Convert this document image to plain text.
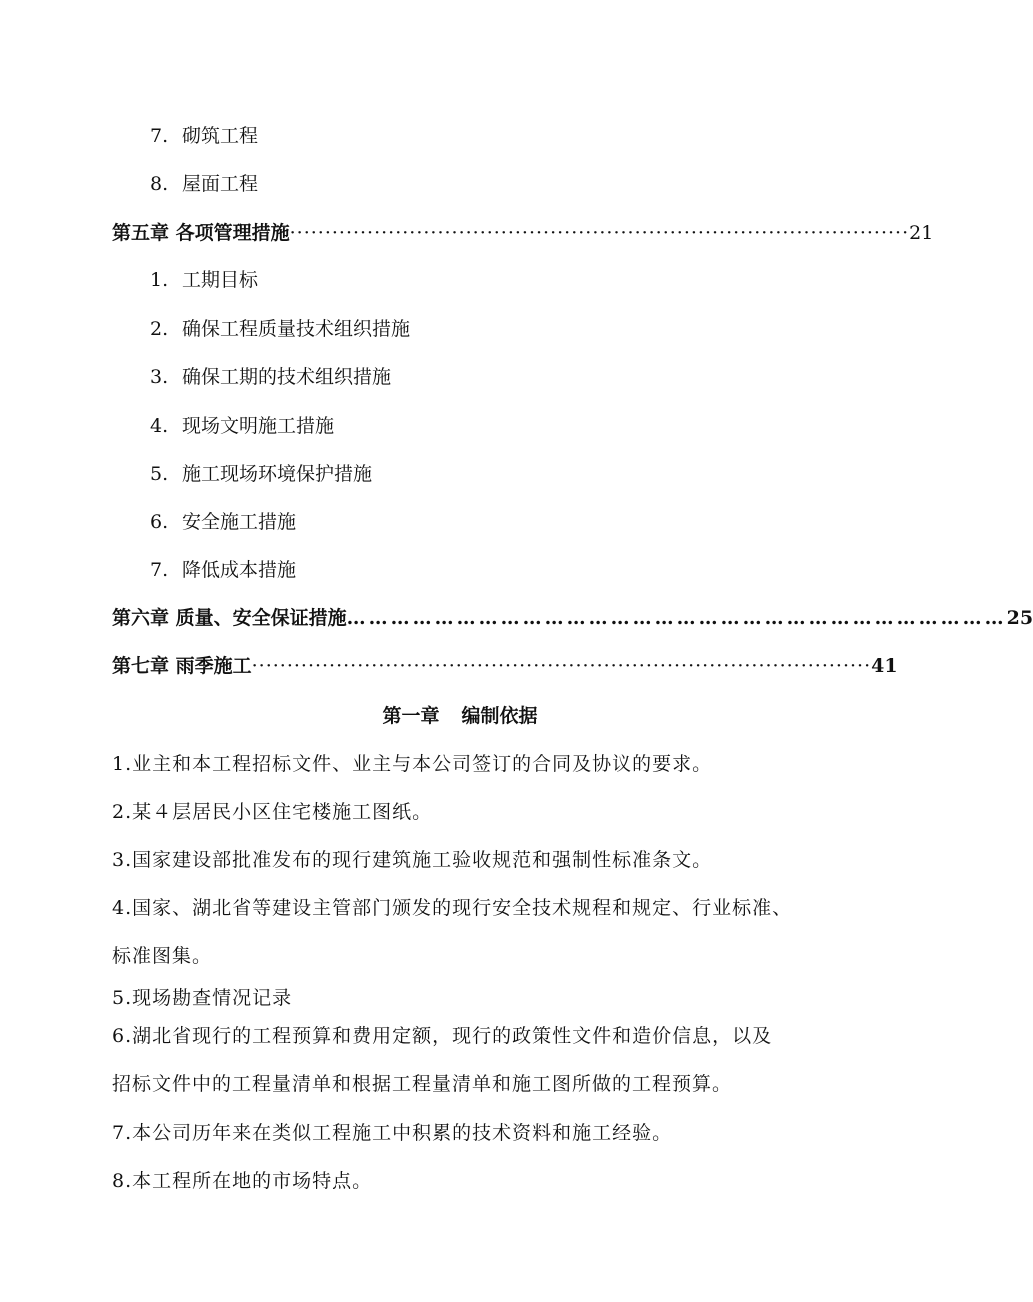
7. 砌筑工程
8. 屋面工程
第五章 各项管理措施 ························································································ 21
1. 工期目标
2. 确保工程质量技术组织措施
3. 确保工期的技术组织措施
4. 现场文明施工措施
5. 施工现场环境保护措施
6. 安全施工措施
7. 降低成本措施
第六章 质量、安全保证措施 ……………………………………………………………………………… 25
第七章 雨季施工 ························································································ 41
第一章 编制依据
1.业主和本工程招标文件、业主与本公司签订的合同及协议的要求。
2.某４层居民小区住宅楼施工图纸。
3.国家建设部批准发布的现行建筑施工验收规范和强制性标准条文。
4.国家、湖北省等建设主管部门颁发的现行安全技术规程和规定、行业标准、
标准图集。
5.现场勘查情况记录
6.湖北省现行的工程预算和费用定额，现行的政策性文件和造价信息，以及
招标文件中的工程量清单和根据工程量清单和施工图所做的工程预算。
7.本公司历年来在类似工程施工中积累的技术资料和施工经验。
8.本工程所在地的市场特点。
